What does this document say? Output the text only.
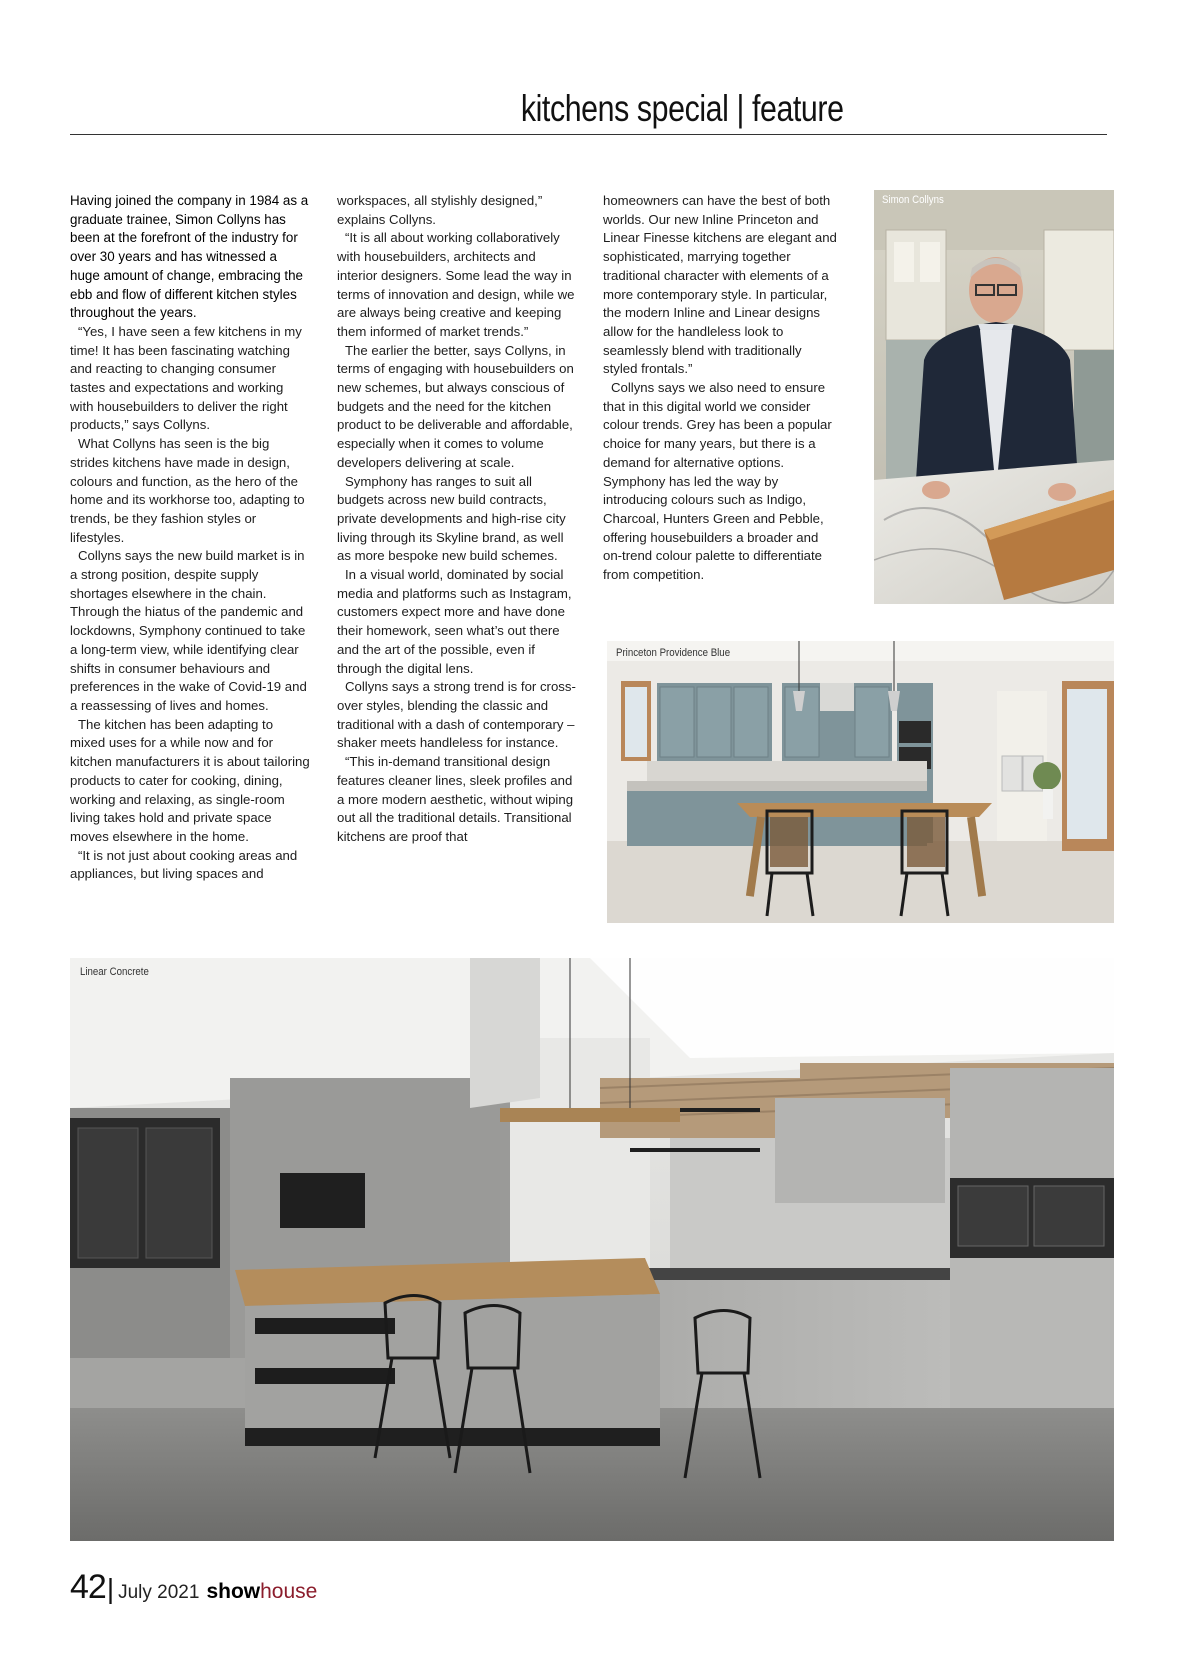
kitchens special | feature

Having joined the company in 1984 as a graduate trainee, Simon Collyns has been at the forefront of the industry for over 30 years and has witnessed a huge amount of change, embracing the ebb and flow of different kitchen styles throughout the years.

“Yes, I have seen a few kitchens in my time! It has been fascinating watching and reacting to changing consumer tastes and expectations and working with housebuilders to deliver the right products,” says Collyns.

What Collyns has seen is the big strides kitchens have made in design, colours and function, as the hero of the home and its workhorse too, adapting to trends, be they fashion styles or lifestyles.

Collyns says the new build market is in a strong position, despite supply shortages elsewhere in the chain. Through the hiatus of the pandemic and lockdowns, Symphony continued to take a long-term view, while identifying clear shifts in consumer behaviours and preferences in the wake of Covid-19 and a reassessing of lives and homes.

The kitchen has been adapting to mixed uses for a while now and for kitchen manufacturers it is about tailoring products to cater for cooking, dining, working and relaxing, as single-room living takes hold and private space moves elsewhere in the home.

“It is not just about cooking areas and appliances, but living spaces and

workspaces, all stylishly designed,” explains Collyns.

“It is all about working collaboratively with housebuilders, architects and interior designers. Some lead the way in terms of innovation and design, while we are always being creative and keeping them informed of market trends.”

The earlier the better, says Collyns, in terms of engaging with housebuilders on new schemes, but always conscious of budgets and the need for the kitchen product to be deliverable and affordable, especially when it comes to volume developers delivering at scale.

Symphony has ranges to suit all budgets across new build contracts, private developments and high-rise city living through its Skyline brand, as well as more bespoke new build schemes.

In a visual world, dominated by social media and platforms such as Instagram, customers expect more and have done their homework, seen what’s out there and the art of the possible, even if through the digital lens.

Collyns says a strong trend is for cross-over styles, blending the classic and traditional with a dash of contemporary – shaker meets handleless for instance.

“This in-demand transitional design features cleaner lines, sleek profiles and a more modern aesthetic, without wiping out all the traditional details. Transitional kitchens are proof that

homeowners can have the best of both worlds. Our new Inline Princeton and Linear Finesse kitchens are elegant and sophisticated, marrying together traditional character with elements of a more contemporary style. In particular, the modern Inline and Linear designs allow for the handleless look to seamlessly blend with traditionally styled frontals.”

Collyns says we also need to ensure that in this digital world we consider colour trends. Grey has been a popular choice for many years, but there is a demand for alternative options. Symphony has led the way by introducing colours such as Indigo, Charcoal, Hunters Green and Pebble, offering housebuilders a broader and on-trend colour palette to differentiate from competition.

Simon Collyns
Princeton Providence Blue
Linear Concrete
42 | July 2021 show house
